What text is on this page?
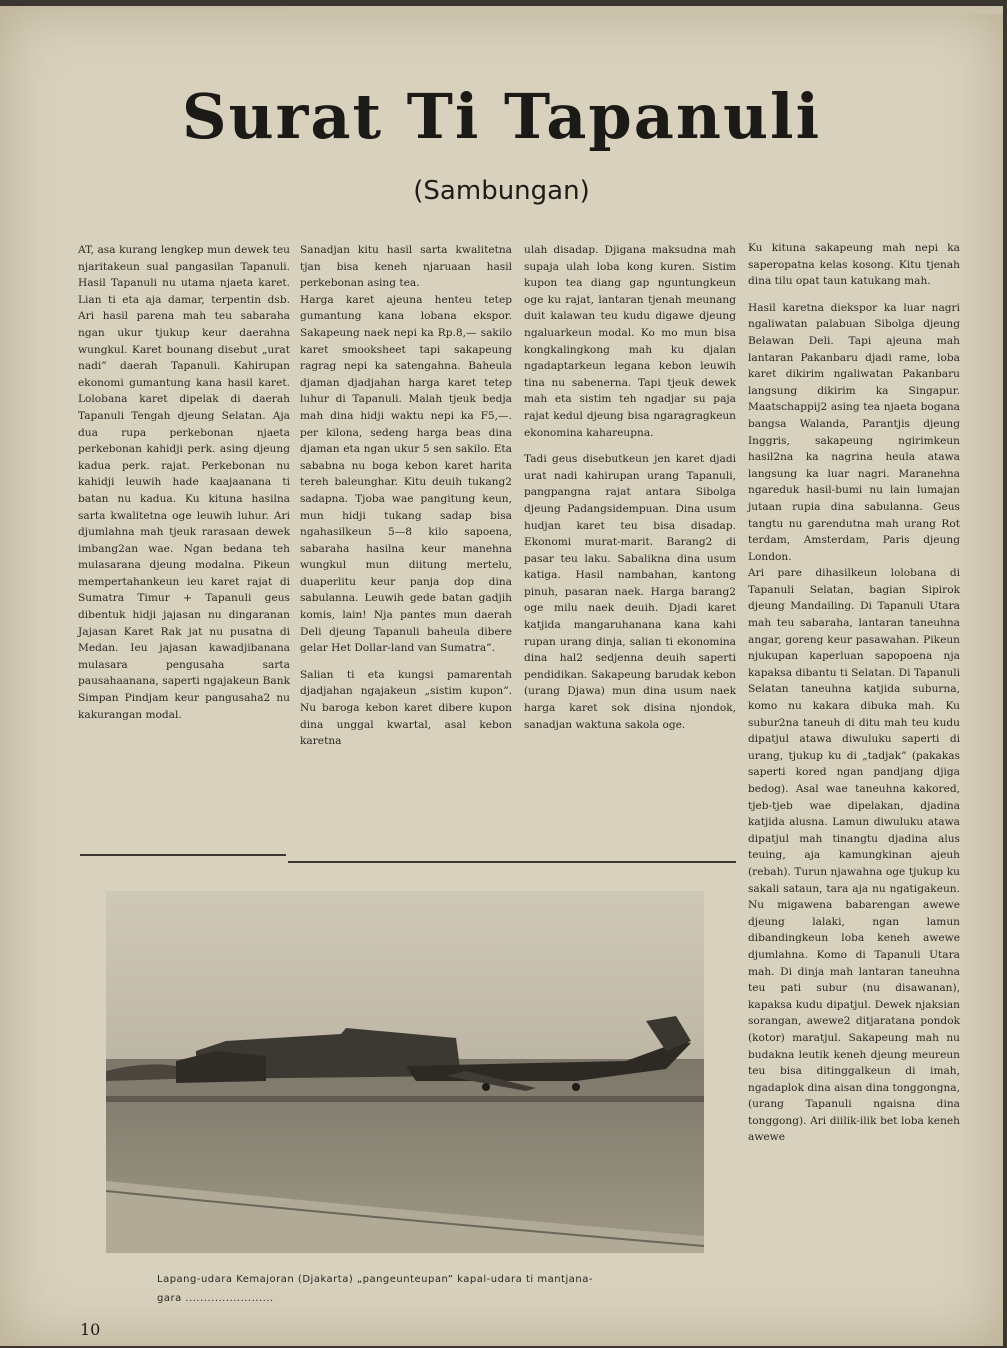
Surat Ti Tapanuli
(Sambungan)

AT, asa kurang lengkep mun dewek teu njaritakeun sual pangasilan Tapanuli. Hasil Tapanuli nu utama njaeta karet. Lian ti eta aja damar, terpentin dsb. Ari hasil parena mah teu sabaraha ngan ukur tjukup keur daerahna wungkul. Karet bounang disebut „urat nadi” daerah Tapanuli. Kahirupan ekonomi gumantung kana hasil karet. Lolobana karet dipelak di daerah Tapanuli Tengah djeung Selatan. Aja dua rupa perkebonan njaeta perkebonan kahidji perk. asing djeung kadua perk. rajat. Perkebonan nu kahidji leuwih hade kaajaanana ti batan nu kadua. Ku kituna hasilna sarta kwalitetna oge leuwih luhur. Ari djumlahna mah tjeuk rarasaan dewek imbang2an wae. Ngan bedana teh mulasarana djeung modalna. Pikeun mempertahankeun ieu karet rajat di Sumatra Timur + Tapanuli geus dibentuk hidji jajasan nu dingaranan Jajasan Karet Rak jat nu pusatna di Medan. Ieu jajasan kawadjibanana mulasara pengusaha sarta pausahaanana, saperti ngajakeun Bank Simpan Pindjam keur pangusaha2 nu kakurangan modal.

Sanadjan kitu hasil sarta kwalitetna tjan bisa keneh njaruaan hasil perkebonan asing tea.

Harga karet ajeuna henteu tetep gumantung kana lobana ekspor. Sakapeung naek nepi ka Rp.8,— sakilo karet smooksheet tapi sakapeung ragrag nepi ka satengahna. Baheula djaman djadjahan harga karet tetep luhur di Tapanuli. Malah tjeuk bedja mah dina hidji waktu nepi ka F5,—. per kilona, sedeng harga beas dina djaman eta ngan ukur 5 sen sakilo. Eta sababna nu boga kebon karet harita tereh baleunghar. Kitu deuih tukang2 sadapna. Tjoba wae pangitung keun, mun hidji tukang sadap bisa ngahasilkeun 5—8 kilo sapoena, sabaraha hasilna keur manehna wungkul mun diitung mertelu, duaperlitu keur panja dop dina sabulanna. Leuwih gede batan gadjih komis, lain! Nja pantes mun daerah Deli djeung Tapanuli baheula dibere gelar Het Dollar-land van Sumatra”.

Salian ti eta kungsi pamarentah djadjahan ngajakeun „sistim kupon”. Nu baroga kebon karet dibere kupon dina unggal kwartal, asal kebon karetna

ulah disadap. Djigana maksudna mah supaja ulah loba kong kuren. Sistim kupon tea diang gap nguntungkeun oge ku rajat, lantaran tjenah meunang duit kalawan teu kudu digawe djeung ngaluarkeun modal. Ko mo mun bisa kongkalingkong mah ku djalan ngadaptarkeun legana kebon leuwih tina nu sabenerna. Tapi tjeuk dewek mah eta sistim teh ngadjar su paja rajat kedul djeung bisa ngaragragkeun ekonomina kahareupna.

Tadi geus disebutkeun jen karet djadi urat nadi kahirupan urang Tapanuli, pangpangna rajat antara Sibolga djeung Padangsidempuan. Dina usum hudjan karet teu bisa disadap. Ekonomi murat-marit. Barang2 di pasar teu laku. Sabalikna dina usum katiga. Hasil nambahan, kantong pinuh, pasaran naek. Harga barang2 oge milu naek deuih. Djadi karet katjida mangaruhanana kana kahi rupan urang dinja, salian ti ekonomina dina hal2 sedjenna deuih saperti pendidikan. Sakapeung barudak kebon (urang Djawa) mun dina usum naek harga karet sok disina njondok, sanadjan waktuna sakola oge.

Ku kituna sakapeung mah nepi ka saperopatna kelas kosong. Kitu tjenah dina tilu opat taun katukang mah.

Hasil karetna diekspor ka luar nagri ngaliwatan palabuan Sibolga djeung Belawan Deli. Tapi ajeuna mah lantaran Pakanbaru djadi rame, loba karet dikirim ngaliwatan Pakanbaru langsung dikirim ka Singapur. Maatschappij2 asing tea njaeta bogana bangsa Walanda, Parantjis djeung Inggris, sakapeung ngirimkeun hasil2na ka nagrina heula atawa langsung ka luar nagri. Maranehna ngareduk hasil-bumi nu lain lumajan jutaan rupia dina sabulanna. Geus tangtu nu garendutna mah urang Rot terdam, Amsterdam, Paris djeung London.

Ari pare dihasilkeun lolobana di Tapanuli Selatan, bagian Sipirok djeung Mandailing. Di Tapanuli Utara mah teu sabaraha, lantaran taneuhna angar, goreng keur pasawahan. Pikeun njukupan kaperluan sapopoena nja kapaksa dibantu ti Selatan. Di Tapanuli Selatan taneuhna katjida suburna, komo nu kakara dibuka mah. Ku subur2na taneuh di ditu mah teu kudu dipatjul atawa diwuluku saperti di urang, tjukup ku di „tadjak” (pakakas saperti kored ngan pandjang djiga bedog). Asal wae taneuhna kakored, tjeb-tjeb wae dipelakan, djadina katjida alusna. Lamun diwuluku atawa dipatjul mah tinangtu djadina alus teuing, aja kamungkinan ajeuh (rebah). Turun njawahna oge tjukup ku sakali sataun, tara aja nu ngatigakeun. Nu migawena babarengan awewe djeung lalaki, ngan lamun dibandingkeun loba keneh awewe djumlahna. Komo di Tapanuli Utara mah. Di dinja mah lantaran taneuhna teu pati subur (nu disawanan), kapaksa kudu dipatjul. Dewek njaksian sorangan, awewe2 ditjaratana pondok (kotor) maratjul. Sakapeung mah nu budakna leutik keneh djeung meureun teu bisa ditinggalkeun di imah, ngadaplok dina aisan dina tonggongna, (urang Tapanuli ngaisna dina tonggong). Ari diilik-ilik bet loba keneh awewe

Lapang-udara Kemajoran (Djakarta) „pangeunteupan” kapal-udara ti mantjana-
gara ........................
10
